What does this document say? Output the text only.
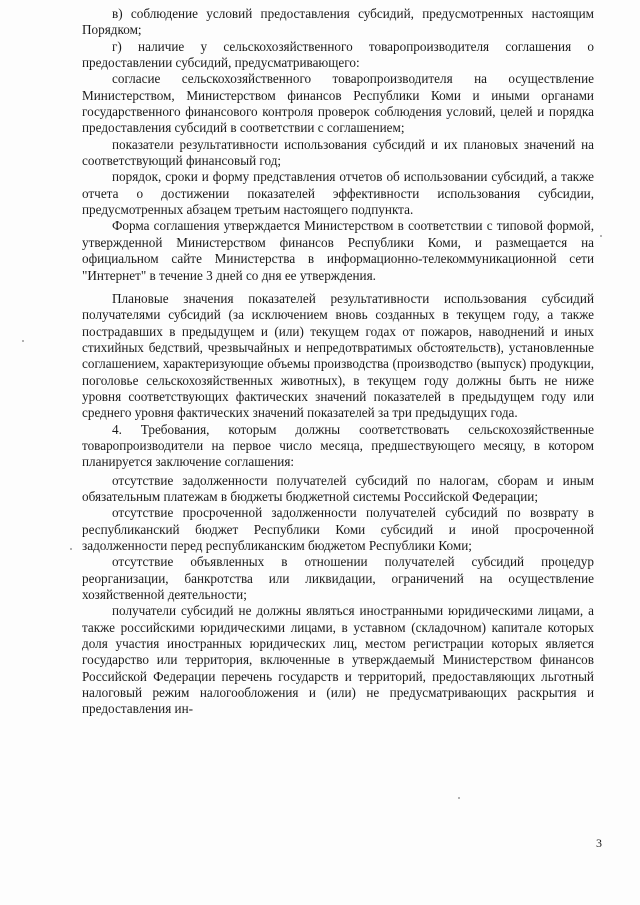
в) соблюдение условий предоставления субсидий, предусмотренных настоящим Порядком;

г) наличие у сельскохозяйственного товаропроизводителя соглашения о предоставлении субсидий, предусматривающего:

согласие сельскохозяйственного товаропроизводителя на осуществление Министерством, Министерством финансов Республики Коми и иными органами государственного финансового контроля проверок соблюдения условий, целей и порядка предоставления субсидий в соответствии с соглашением;

показатели результативности использования субсидий и их плановых значений на соответствующий финансовый год;

порядок, сроки и форму представления отчетов об использовании субсидий, а также отчета о достижении показателей эффективности использования субсидии, предусмотренных абзацем третьим настоящего подпункта.

Форма соглашения утверждается Министерством в соответствии с типовой формой, утвержденной Министерством финансов Республики Коми, и размещается на официальном сайте Министерства в информационно-телекоммуникационной сети "Интернет" в течение 3 дней со дня ее утверждения.

Плановые значения показателей результативности использования субсидий получателями субсидий (за исключением вновь созданных в текущем году, а также пострадавших в предыдущем и (или) текущем годах от пожаров, наводнений и иных стихийных бедствий, чрезвычайных и непредотвратимых обстоятельств), установленные соглашением, характеризующие объемы производства (производство (выпуск) продукции, поголовье сельскохозяйственных животных), в текущем году должны быть не ниже уровня соответствующих фактических значений показателей в предыдущем году или среднего уровня фактических значений показателей за три предыдущих года.

4. Требования, которым должны соответствовать сельскохозяйственные товаропроизводители на первое число месяца, предшествующего месяцу, в котором планируется заключение соглашения:

отсутствие задолженности получателей субсидий по налогам, сборам и иным обязательным платежам в бюджеты бюджетной системы Российской Федерации;

отсутствие просроченной задолженности получателей субсидий по возврату в республиканский бюджет Республики Коми субсидий и иной просроченной задолженности перед республиканским бюджетом Республики Коми;

отсутствие объявленных в отношении получателей субсидий процедур реорганизации, банкротства или ликвидации, ограничений на осуществление хозяйственной деятельности;

получатели субсидий не должны являться иностранными юридическими лицами, а также российскими юридическими лицами, в уставном (складочном) капитале которых доля участия иностранных юридических лиц, местом регистрации которых является государство или территория, включенные в утверждаемый Министерством финансов Российской Федерации перечень государств и территорий, предоставляющих льготный налоговый режим налогообложения и (или) не предусматривающих раскрытия и предоставления ин-

3
